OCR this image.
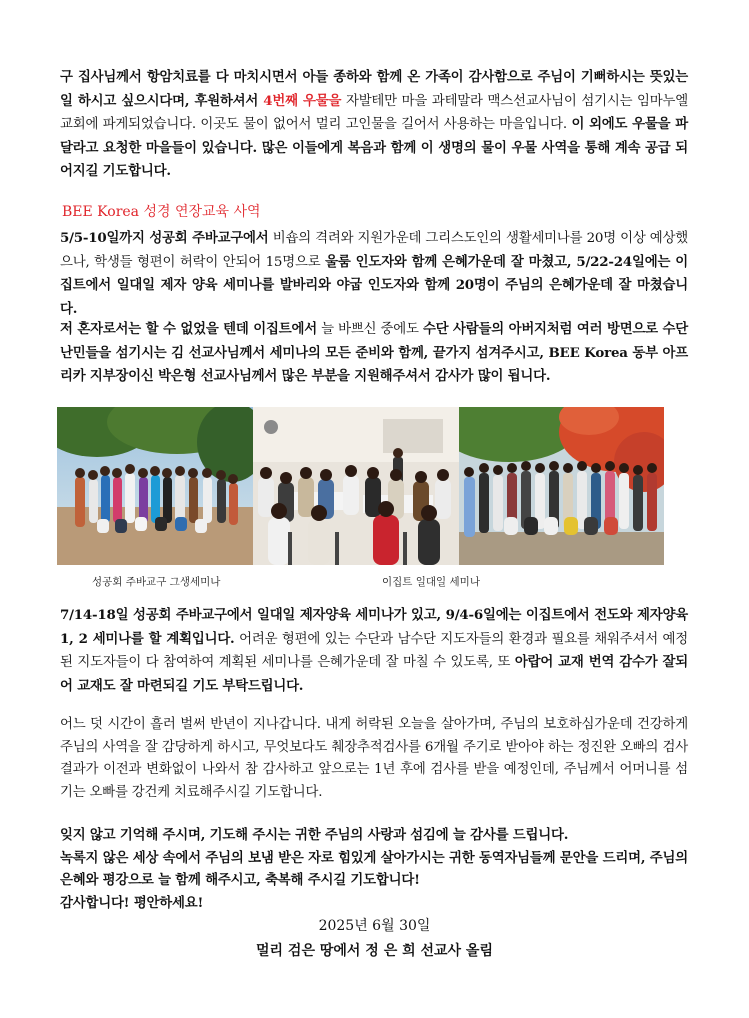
구 집사님께서 항암치료를 다 마치시면서 아들 종하와 함께 온 가족이 감사함으로 주님이 기뻐하시는 뜻있는 일 하시고 싶으시다며, 후원하셔서 4번째 우물을 자발테만 마을 과테말라 맥스선교사님이 섬기시는 임마누엘교회에 파게되었습니다. 이곳도 물이 없어서 멀리 고인물을 길어서 사용하는 마을입니다. 이 외에도 우물을 파달라고 요청한 마을들이 있습니다. 많은 이들에게 복음과 함께 이 생명의 물이 우물 사역을 통해 계속 공급 되어지길 기도합니다.

BEE Korea 성경 연장교육 사역

5/5-10일까지 성공회 주바교구에서 비숍의 격려와 지원가운데 그리스도인의 생활세미나를 20명 이상 예상했으나, 학생들 형편이 허락이 안되어 15명으로 울룸 인도자와 함께 은혜가운데 잘 마쳤고, 5/22-24일에는 이집트에서 일대일 제자 양육 세미나를 발바리와 야굽 인도자와 함께 20명이 주님의 은혜가운데 잘 마쳤습니다.

저 혼자로서는 할 수 없었을 텐데 이집트에서 늘 바쁘신 중에도 수단 사람들의 아버지처럼 여러 방면으로 수단 난민들을 섬기시는 김 선교사님께서 세미나의 모든 준비와 함께, 끝가지 섬겨주시고, BEE Korea 동부 아프리카 지부장이신 박은형 선교사님께서 많은 부분을 지원해주셔서 감사가 많이 됩니다.

성공회 주바교구 그생세미나	이집트 일대일 세미나

7/14-18일 성공회 주바교구에서 일대일 제자양육 세미나가 있고, 9/4-6일에는 이집트에서 전도와 제자양육 1, 2 세미나를 할 계획입니다. 어려운 형편에 있는 수단과 남수단 지도자들의 환경과 필요를 채워주셔서 예정된 지도자들이 다 참여하여 계획된 세미나를 은혜가운데 잘 마칠 수 있도록, 또 아랍어 교재 번역 감수가 잘되어 교재도 잘 마련되길 기도 부탁드립니다.

어느 덧 시간이 흘러 벌써 반년이 지나갑니다. 내게 허락된 오늘을 살아가며, 주님의 보호하심가운데 건강하게 주님의 사역을 잘 감당하게 하시고, 무엇보다도 췌장추적검사를 6개월 주기로 받아야 하는 정진완 오빠의 검사결과가 이전과 변화없이 나와서 참 감사하고 앞으로는 1년 후에 검사를 받을 예정인데, 주님께서 어머니를 섬기는 오빠를 강건케 치료해주시길 기도합니다.

잊지 않고 기억해 주시며, 기도해 주시는 귀한 주님의 사랑과 섬김에 늘 감사를 드립니다.

녹록지 않은 세상 속에서 주님의 보냄 받은 자로 힘있게 살아가시는 귀한 동역자님들께 문안을 드리며, 주님의 은혜와 평강으로 늘 함께 해주시고, 축복해 주시길 기도합니다!

감사합니다! 평안하세요!

2025년 6월 30일
멀리 검은 땅에서 정 은 희 선교사 올림
